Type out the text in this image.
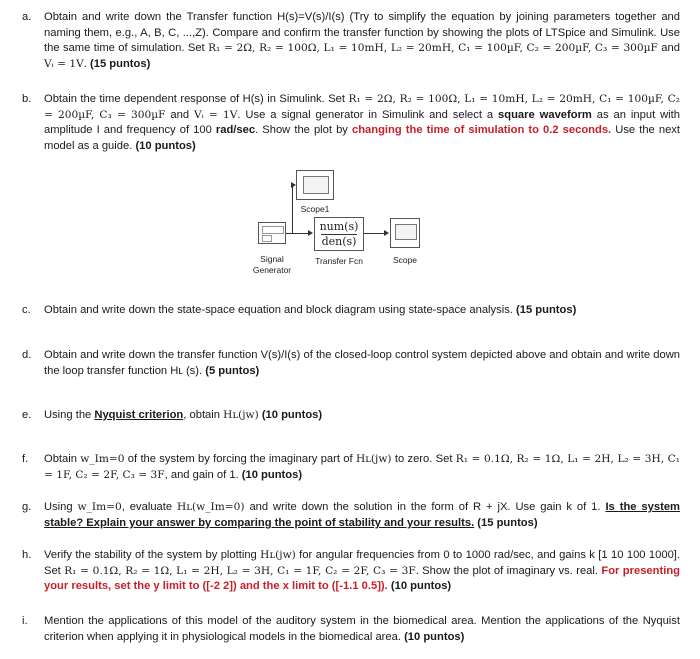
a.	Obtain and write down the Transfer function H(s)=V(s)/I(s) (Try to simplify the equation by joining parameters together and naming them, e.g., A, B, C, ...,Z). Compare and confirm the transfer function by showing the plots of LTSpice and Simulink. Use the same time of simulation. Set R₁ = 2Ω, R₂ = 100Ω, L₁ = 10mH, L₂ = 20mH, C₁ = 100µF, C₂ = 200µF, C₃ = 300µF and Vᵢ = 1V. (15 puntos)
b.	Obtain the time dependent response of H(s) in Simulink. Set R₁ = 2Ω, R₂ = 100Ω, L₁ = 10mH, L₂ = 20mH, C₁ = 100µF, C₂ = 200µF, C₃ = 300µF and Vᵢ = 1V. Use a signal generator in Simulink and select a square waveform as an input with amplitude I and frequency of 100 rad/sec. Show the plot by changing the time of simulation to 0.2 seconds. Use the next model as a guide. (10 puntos)
c.	Obtain and write down the state-space equation and block diagram using state-space analysis. (15 puntos)
d.	Obtain and write down the transfer function V(s)/I(s) of the closed-loop control system depicted above and obtain and write down the loop transfer function Hʟ (s). (5 puntos)
e.	Using the Nyquist criterion, obtain Hʟ(jw) (10 puntos)
f.	Obtain w_Im=0 of the system by forcing the imaginary part of Hʟ(jw) to zero. Set R₁ = 0.1Ω, R₂ = 1Ω, L₁ = 2H, L₂ = 3H, C₁ = 1F, C₂ = 2F, C₃ = 3F, and gain of 1. (10 puntos)
g.	Using w_Im=0, evaluate Hʟ(w_Im=0) and write down the solution in the form of R + jX. Use gain k of 1. Is the system stable? Explain your answer by comparing the point of stability and your results. (15 puntos)
h.	Verify the stability of the system by plotting Hʟ(jw) for angular frequencies from 0 to 1000 rad/sec, and gains k [1 10 100 1000]. Set R₁ = 0.1Ω, R₂ = 1Ω, L₁ = 2H, L₂ = 3H, C₁ = 1F, C₂ = 2F, C₃ = 3F. Show the plot of imaginary vs. real. For presenting your results, set the y limit to ([-2 2]) and the x limit to ([-1.1 0.5]). (10 puntos)
i.	Mention the applications of this model of the auditory system in the biomedical area. Mention the applications of the Nyquist criterion when applying it in physiological models in the biomedical area. (10 puntos)
Scope1
num(s)
den(s)
Transfer Fcn
Signal
Generator
Scope
